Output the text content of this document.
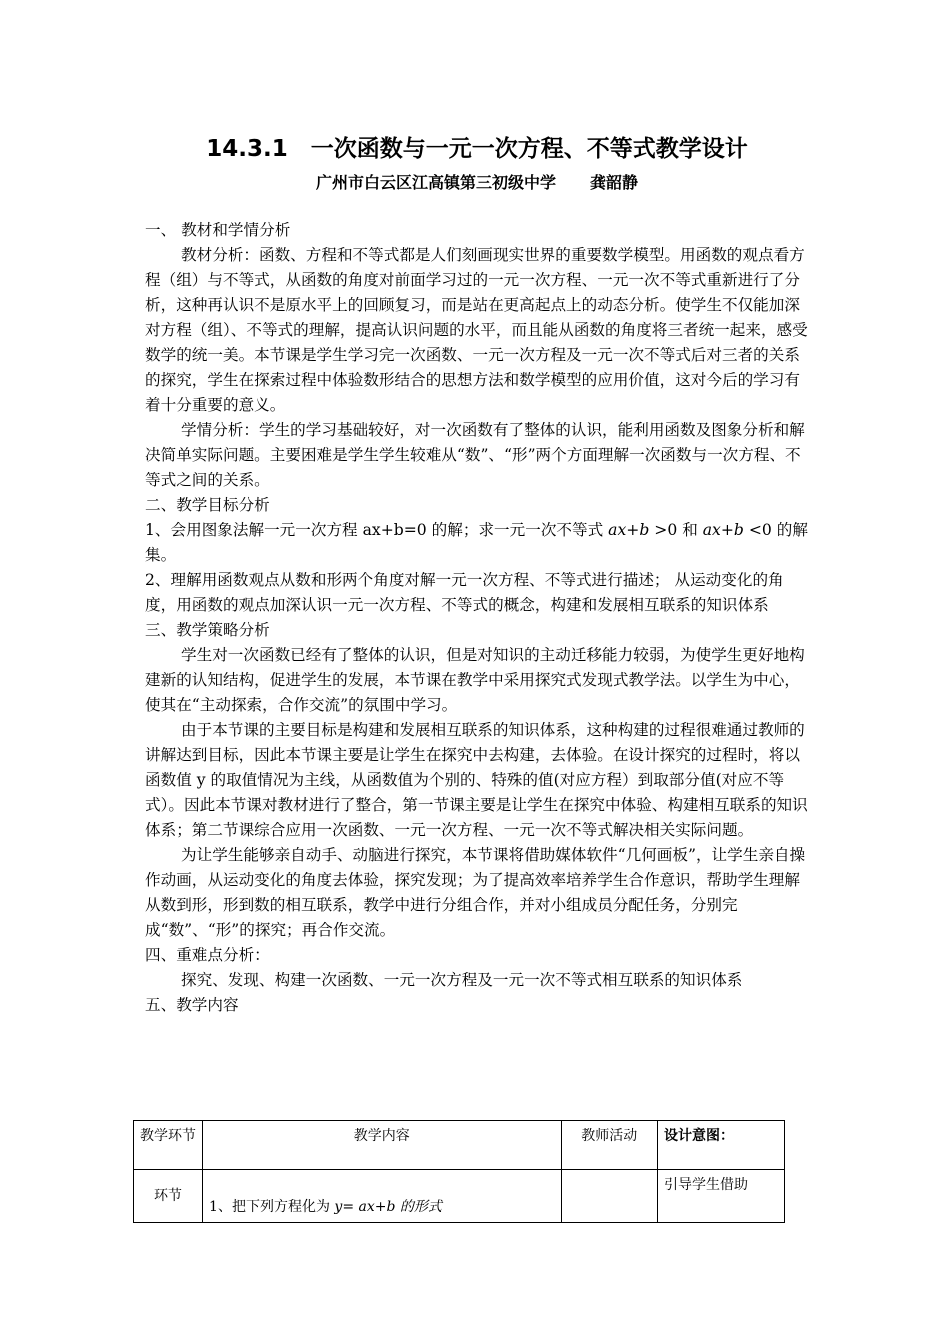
14.3.1　一次函数与一元一次方程、不等式教学设计
广州市白云区江高镇第三初级中学 龚韶静

一、 教材和学情分析

教材分析：函数、方程和不等式都是人们刻画现实世界的重要数学模型。用函数的观点看方程（组）与不等式，从函数的角度对前面学习过的一元一次方程、一元一次不等式重新进行了分析，这种再认识不是原水平上的回顾复习，而是站在更高起点上的动态分析。使学生不仅能加深对方程（组）、不等式的理解，提高认识问题的水平，而且能从函数的角度将三者统一起来，感受数学的统一美。本节课是学生学习完一次函数、一元一次方程及一元一次不等式后对三者的关系的探究，学生在探索过程中体验数形结合的思想方法和数学模型的应用价值，这对今后的学习有着十分重要的意义。

学情分析：学生的学习基础较好，对一次函数有了整体的认识，能利用函数及图象分析和解决简单实际问题。主要困难是学生学生较难从“数”、“形”两个方面理解一次函数与一次方程、不等式之间的关系。

二、教学目标分析

1、会用图象法解一元一次方程 ax+b=0 的解；求一元一次不等式 ax+b >0 和 ax+b <0 的解集。

2、理解用函数观点从数和形两个角度对解一元一次方程、不等式进行描述； 从运动变化的角度，用函数的观点加深认识一元一次方程、不等式的概念，构建和发展相互联系的知识体系

三、教学策略分析

学生对一次函数已经有了整体的认识，但是对知识的主动迁移能力较弱，为使学生更好地构建新的认知结构，促进学生的发展，本节课在教学中采用探究式发现式教学法。以学生为中心，使其在“主动探索，合作交流”的氛围中学习。

由于本节课的主要目标是构建和发展相互联系的知识体系，这种构建的过程很难通过教师的讲解达到目标，因此本节课主要是让学生在探究中去构建，去体验。在设计探究的过程时，将以函数值 y 的取值情况为主线，从函数值为个别的、特殊的值(对应方程）到取部分值(对应不等式）。因此本节课对教材进行了整合，第一节课主要是让学生在探究中体验、构建相互联系的知识体系；第二节课综合应用一次函数、一元一次方程、一元一次不等式解决相关实际问题。

为让学生能够亲自动手、动脑进行探究，本节课将借助媒体软件“几何画板”，让学生亲自操作动画，从运动变化的角度去体验，探究发现；为了提高效率培养学生合作意识，帮助学生理解从数到形，形到数的相互联系，教学中进行分组合作，并对小组成员分配任务，分别完成“数”、“形”的探究；再合作交流。

四、重难点分析：

探究、发现、构建一次函数、一元一次方程及一元一次不等式相互联系的知识体系

五、教学内容

教学环节	教学内容	教师活动	设计意图：
环节	1、把下列方程化为 y= ax+b 的形式		引导学生借助
